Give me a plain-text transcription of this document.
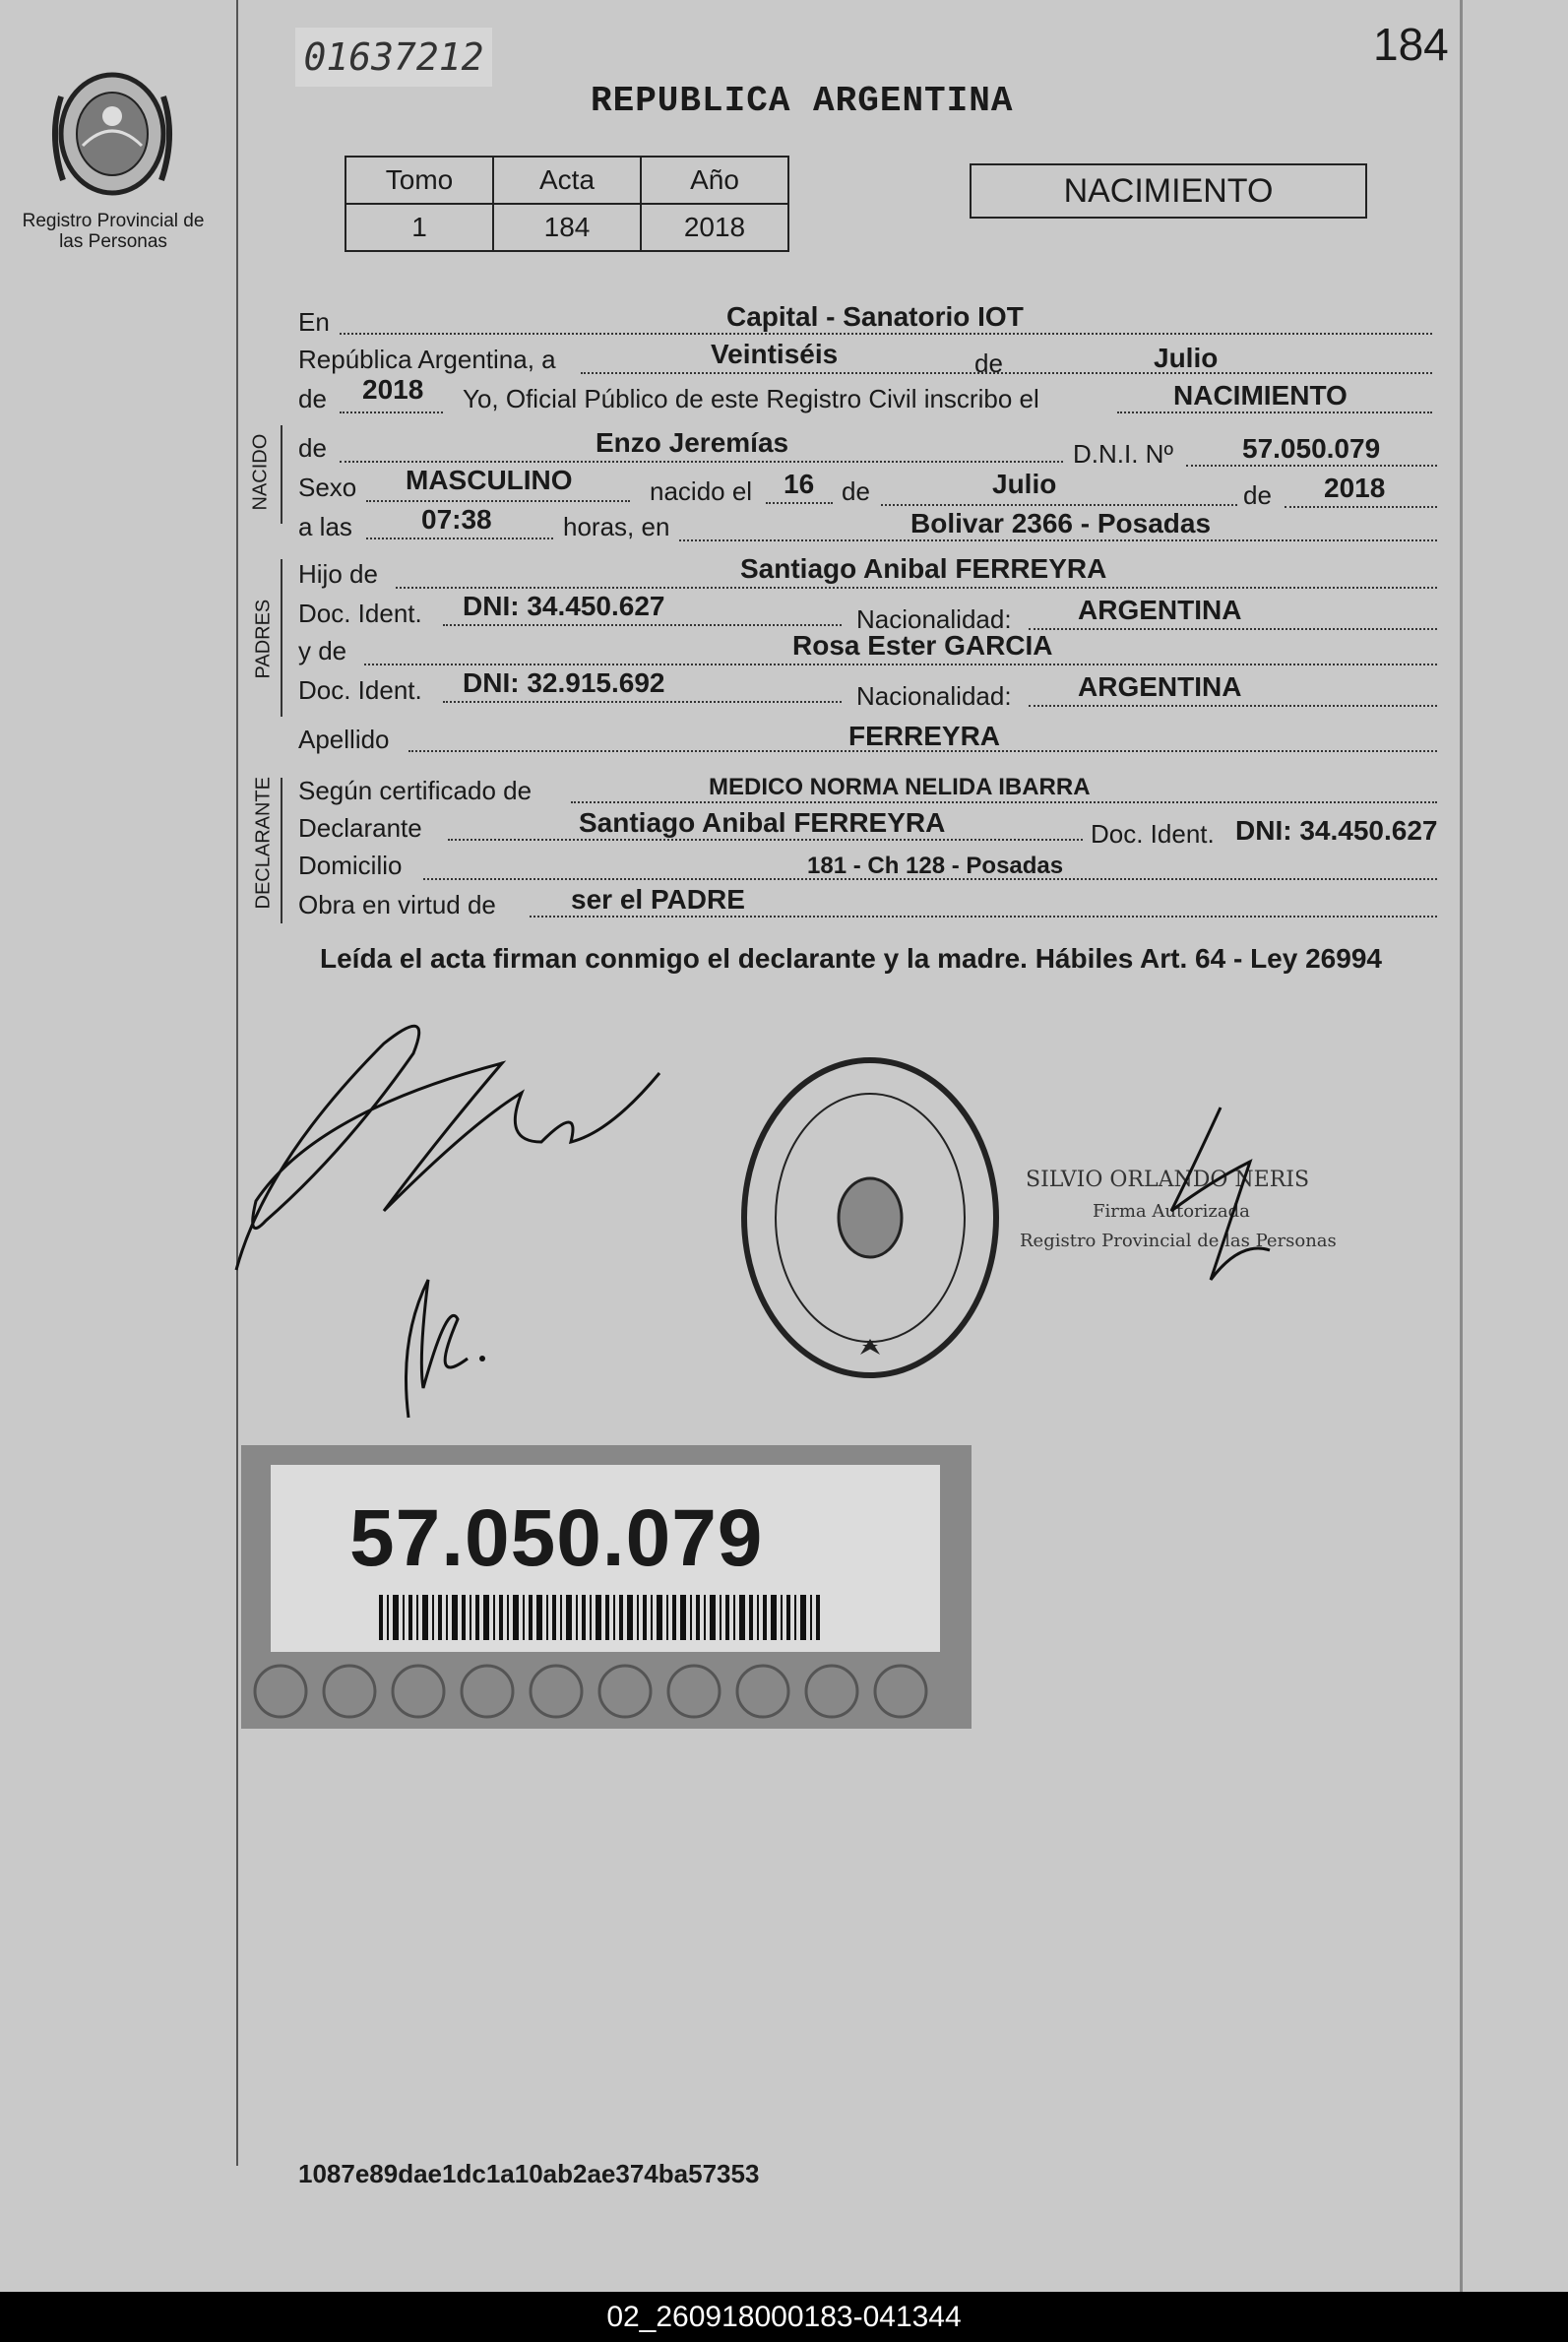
01637212	184
REPUBLICA ARGENTINA
Registro Provincial de las Personas
Tomo	Acta	Año
1	184	2018
NACIMIENTO
En	Capital - Sanatorio IOT
República Argentina, a	Veintiséis	de	Julio
de 2018 Yo, Oficial Público de este Registro Civil inscribo el	NACIMIENTO
NACIDO de	Enzo Jeremías	D.N.I. Nº	57.050.079
Sexo MASCULINO	nacido el 16 de	Julio	de 2018
a las	07:38	horas, en	Bolivar 2366 - Posadas
PADRES
Hijo de	Santiago Anibal FERREYRA
Doc. Ident. DNI: 34.450.627	Nacionalidad: ARGENTINA
y de	Rosa Ester GARCIA
Doc. Ident. DNI: 32.915.692	Nacionalidad: ARGENTINA
Apellido	FERREYRA
DECLARANTE Según certificado de	MEDICO NORMA NELIDA IBARRA
Declarante	Santiago Anibal FERREYRA	Doc. Ident. DNI: 34.450.627
Domicilio	181 - Ch 128 - Posadas
Obra en virtud de	ser el PADRE
Leída el acta firman conmigo el declarante y la madre. Hábiles Art. 64 - Ley 26994
SILVIO ORLANDO NERIS
Firma Autorizada
Registro Provincial de las Personas
57.050.079
1087e89dae1dc1a10ab2ae374ba57353
02_260918000183-041344
